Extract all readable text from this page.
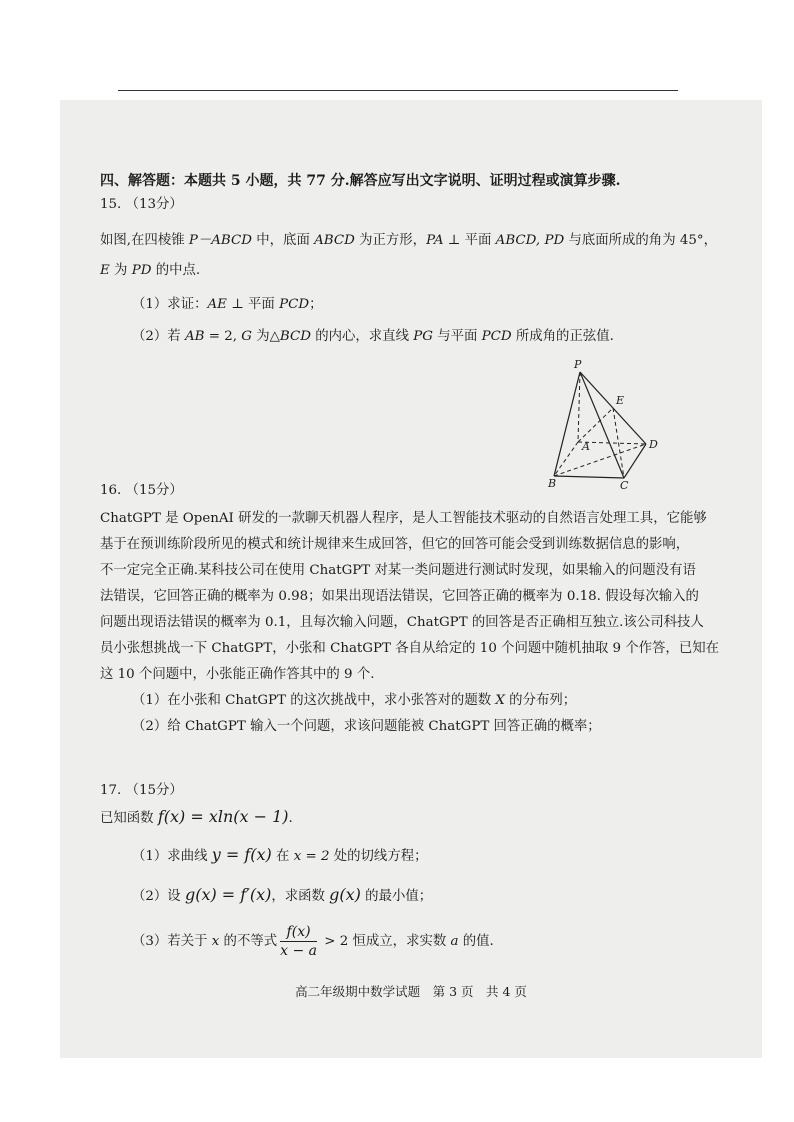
四、解答题：本题共 5 小题，共 77 分.解答应写出文字说明、证明过程或演算步骤.
15. （13分）
如图,在四棱锥 P－ABCD 中，底面 ABCD 为正方形，PA ⊥ 平面 ABCD, PD 与底面所成的角为 45°，
E 为 PD 的中点.
（1）求证：AE ⊥ 平面 PCD；
（2）若 AB = 2, G 为△BCD 的内心，求直线 PG 与平面 PCD 所成角的正弦值.
P
E
A	D
B	C
16. （15分）
ChatGPT 是 OpenAI 研发的一款聊天机器人程序，是人工智能技术驱动的自然语言处理工具，它能够
基于在预训练阶段所见的模式和统计规律来生成回答，但它的回答可能会受到训练数据信息的影响，
不一定完全正确.某科技公司在使用 ChatGPT 对某一类问题进行测试时发现，如果输入的问题没有语
法错误，它回答正确的概率为 0.98；如果出现语法错误，它回答正确的概率为 0.18. 假设每次输入的
问题出现语法错误的概率为 0.1，且每次输入问题，ChatGPT 的回答是否正确相互独立.该公司科技人
员小张想挑战一下 ChatGPT，小张和 ChatGPT 各自从给定的 10 个问题中随机抽取 9 个作答，已知在
这 10 个问题中，小张能正确作答其中的 9 个.
（1）在小张和 ChatGPT 的这次挑战中，求小张答对的题数 X 的分布列；
（2）给 ChatGPT 输入一个问题，求该问题能被 ChatGPT 回答正确的概率；
17. （15分）
已知函数 f(x) = xln(x − 1).
（1）求曲线 y = f(x) 在 x = 2 处的切线方程；
（2）设 g(x) = f′(x)，求函数 g(x) 的最小值；
（3）若关于 x 的不等式 $\frac{f(x)}{x - a} > 2$ 恒成立，求实数 a 的值.
高二年级期中数学试题　第 3 页　共 4 页
